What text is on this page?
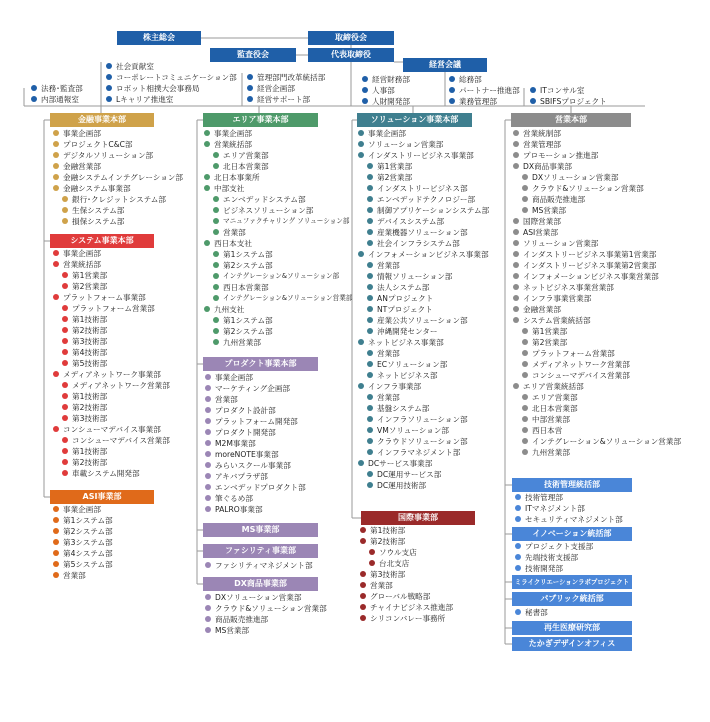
株主総会	取締役会
監査役会	代表取締役
経営会議
法務･監査部
内部通報室
社会貢献室
コーポレートコミュニケーション部
ロボット相撲大会事務局
Lキャリア推進室
管理部門改革統括部
経営企画部
経営サポート部
経営財務部
人事部
人財開発部
総務部
パートナー推進部
業務管理部
ITコンサル室
SBIFSプロジェクト
金融事業本部
事業企画部
プロジェクトC&C部
デジタルソリューション部
金融営業部
金融システムインテグレーション部
金融システム事業部
銀行･クレジットシステム部
生保システム部
損保システム部
システム事業本部
事業企画部
営業統括部
第1営業部
第2営業部
プラットフォーム事業部
プラットフォーム営業部
第1技術部
第2技術部
第3技術部
第4技術部
第5技術部
メディアネットワーク事業部
メディアネットワーク営業部
第1技術部
第2技術部
第3技術部
コンシューマデバイス事業部
コンシューマデバイス営業部
第1技術部
第2技術部
車載システム開発部
ASI事業部
事業企画部
第1システム部
第2システム部
第3システム部
第4システム部
第5システム部
営業部
エリア事業本部
事業企画部
営業統括部
エリア営業部
北日本営業部
北日本事業所
中部支社
エンベデッドシステム部
ビジネスソリューション部
マニュファクチャリング ソリューション部
営業部
西日本支社
第1システム部
第2システム部
インテグレーション&ソリューション部
西日本営業部
インテグレーション&ソリューション営業部
九州支社
第1システム部
第2システム部
九州営業部
プロダクト事業本部
事業企画部
マーケティング企画部
営業部
プロダクト設計部
プラットフォーム開発部
プロダクト開発部
M2M事業部
moreNOTE事業部
みらいスクール事業部
アキバプラザ部
エンベデッドプロダクト部
筆ぐるめ部
PALRO事業部
MS事業部
ファシリティ事業部
ファシリティマネジメント部
DX商品事業部
DXソリューション営業部
クラウド&ソリューション営業部
商品販売推進部
MS営業部
ソリューション事業本部
事業企画部
ソリューション営業部
インダストリービジネス事業部
第1営業部
第2営業部
インダストリービジネス部
エンベデッドテクノロジー部
制御アプリケーションシステム部
デバイスシステム部
産業機器ソリューション部
社会インフラシステム部
インフォメーションビジネス事業部
営業部
情報ソリューション部
法人システム部
ANプロジェクト
NTプロジェクト
産業公共ソリューション部
沖縄開発センター
ネットビジネス事業部
営業部
ECソリューション部
ネットビジネス部
インフラ事業部
営業部
基盤システム部
インフラソリューション部
VMソリューション部
クラウドソリューション部
インフラマネジメント部
DCサービス事業部
DC運用サービス部
DC運用技術部
国際事業部
第1技術部
第2技術部
ソウル支店
台北支店
第3技術部
営業部
グローバル戦略部
チャイナビジネス推進部
シリコンバレー事務所
営業本部
営業統制部
営業管理部
プロモーション推進部
DX商品事業部
DXソリューション営業部
クラウド&ソリューション営業部
商品販売推進部
MS営業部
国際営業部
ASI営業部
ソリューション営業部
インダストリービジネス事業第1営業部
インダストリービジネス事業第2営業部
インフォメーションビジネス事業営業部
ネットビジネス事業営業部
インフラ事業営業部
金融営業部
システム営業統括部
第1営業部
第2営業部
プラットフォーム営業部
メディアネットワーク営業部
コンシューマデバイス営業部
エリア営業統括部
エリア営業部
北日本営業部
中部営業部
西日本営
インテグレーション&ソリューション営業部
九州営業部
技術管理統括部
技術管理部
ITマネジメント部
セキュリティマネジメント部
イノベーション統括部
プロジェクト支援部
先端技術支援部
技術開発部
ミライクリエーションラボプロジェクト
パブリック統括部
秘書部
再生医療研究部
たかぎデザインオフィス
